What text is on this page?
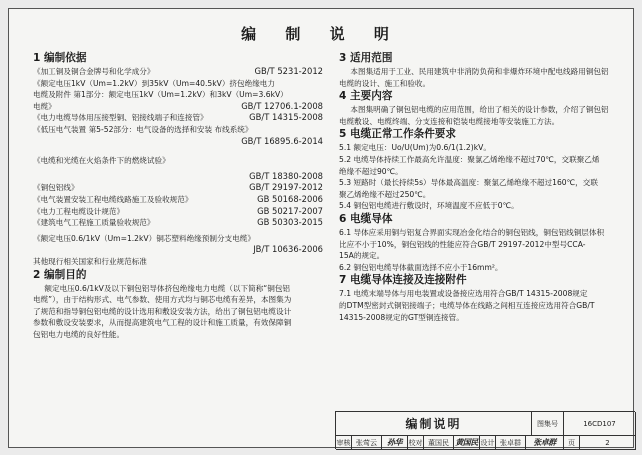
编 制 说 明
1 编制依据
《加工铜及铜合金牌号和化学成分》	GB/T 5231-2012
《额定电压1kV（Um=1.2kV）到35kV（Um=40.5kV）挤包绝缘电力
电缆及附件 第1部分：额定电压1kV（Um=1.2kV）和3kV（Um=3.6kV）
电缆》	GB/T 12706.1-2008
《电力电缆导体用压接型铜、铝接线端子和连接管》	GB/T 14315-2008
《低压电气装置 第5-52部分：电气设备的选择和安装 布线系统》
GB/T 16895.6-2014
《电缆和光缆在火焰条件下的燃烧试验》
GB/T 18380-2008
《铜包铝线》	GB/T 29197-2012
《电气装置安装工程电缆线路施工及验收规范》	GB 50168-2006
《电力工程电缆设计规范》	GB 50217-2007
《建筑电气工程施工质量验收规范》	GB 50303-2015
《额定电压0.6/1kV（Um=1.2kV）铜芯塑料绝缘预制分支电缆》
JB/T 10636-2006
其他现行相关国家和行业规范标准
2 编制目的
额定电压0.6/1kV及以下铜包铝导体挤包绝缘电力电缆（以下简称“铜包铝
电缆”），由于结构形式、电气参数、使用方式均与铜芯电缆有差异，本图集为
了规范和指导铜包铝电缆的设计选用和敷设安装方法，给出了铜包铝电缆设计
参数和敷设安装要求，从而提高建筑电气工程的设计和施工质量，有效保障铜
包铝电力电缆的良好性能。
3 适用范围
本图集适用于工业、民用建筑中非消防负荷和非爆炸环境中配电线路用铜包铝
电缆的设计、施工和验收。
4 主要内容
本图集明确了铜包铝电缆的应用范围，给出了相关的设计参数，介绍了铜包铝
电缆敷设、电缆终端、分支连接和铠装电缆接地等安装施工方法。
5 电缆正常工作条件要求
5.1 额定电压：Uo/U(Um)为0.6/1(1.2)kV。
5.2 电缆导体持续工作最高允许温度：聚氯乙烯绝缘不超过70℃，交联聚乙烯
绝缘不超过90℃。
5.3 短路时（最长持续5s）导体最高温度：聚氯乙烯绝缘不超过160℃，交联
聚乙烯绝缘不超过250℃。
5.4 铜包铝电缆进行敷设时，环境温度不应低于0℃。
6 电缆导体
6.1 导体应采用铜与铝复合界面实现冶金化结合的铜包铝线，铜包铝线铜层体积
比应不小于10%，铜包铝线的性能应符合GB/T 29197-2012中型号CCA-
15A的规定。
6.2 铜包铝电缆导体截面选择不应小于16mm²。
7 电缆导体连接及连接附件
7.1 电缆末端导体与用电装置或设备接应选用符合GB/T 14315-2008规定
的DTM型密封式铜铝接端子；电缆导体在线路之间相互连接应选用符合GB/T
14315-2008规定的GT型铜连接管。
编制说明	图集号	16CD107
审核 张莺云	孙华 校对 董国民 黄国民 设计 张卓群	张卓群	页	2
